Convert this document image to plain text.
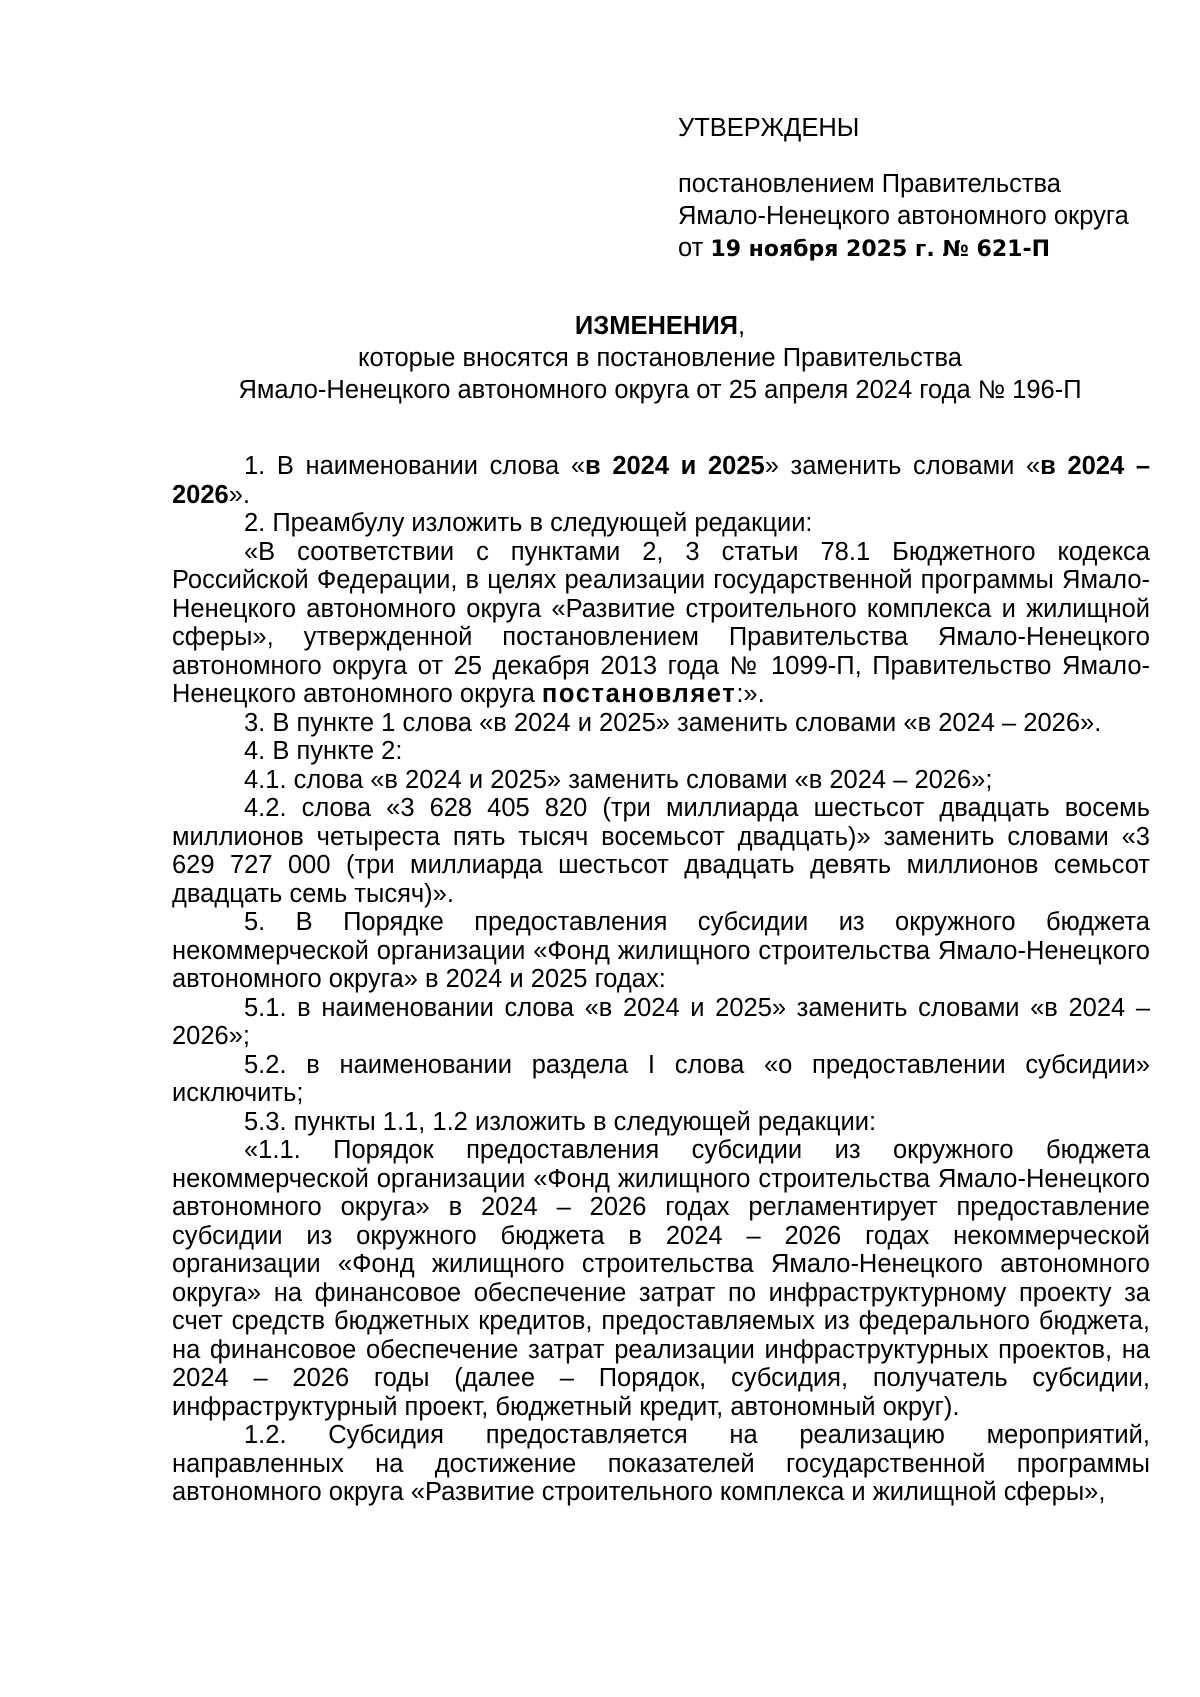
УТВЕРЖДЕНЫ

постановлением Правительства

Ямало-Ненецкого автономного округа

от 19 ноября 2025 г. № 621-П

ИЗМЕНЕНИЯ,

которые вносятся в постановление Правительства

Ямало-Ненецкого автономного округа от 25 апреля 2024 года № 196-П

1. В наименовании слова «в 2024 и 2025» заменить словами «в 2024 – 2026».

2. Преамбулу изложить в следующей редакции:

«В соответствии с пунктами 2, 3 статьи 78.1 Бюджетного кодекса Российской Федерации, в целях реализации государственной программы Ямало-Ненецкого автономного округа «Развитие строительного комплекса и жилищной сферы», утвержденной постановлением Правительства Ямало-Ненецкого автономного округа от 25 декабря 2013 года № 1099-П, Правительство Ямало-Ненецкого автономного округа постановляет:».

3. В пункте 1 слова «в 2024 и 2025» заменить словами «в 2024 – 2026».

4. В пункте 2:

4.1. слова «в 2024 и 2025» заменить словами «в 2024 – 2026»;

4.2. слова «3 628 405 820 (три миллиарда шестьсот двадцать восемь миллионов четыреста пять тысяч восемьсот двадцать)» заменить словами «3 629 727 000 (три миллиарда шестьсот двадцать девять миллионов семьсот двадцать семь тысяч)».

5. В Порядке предоставления субсидии из окружного бюджета некоммерческой организации «Фонд жилищного строительства Ямало-Ненецкого автономного округа» в 2024 и 2025 годах:

5.1. в наименовании слова «в 2024 и 2025» заменить словами «в 2024 – 2026»;

5.2. в наименовании раздела I слова «о предоставлении субсидии» исключить;

5.3. пункты 1.1, 1.2 изложить в следующей редакции:

«1.1. Порядок предоставления субсидии из окружного бюджета некоммерческой организации «Фонд жилищного строительства Ямало-Ненецкого автономного округа» в 2024 – 2026 годах регламентирует предоставление субсидии из окружного бюджета в 2024 – 2026 годах некоммерческой организации «Фонд жилищного строительства Ямало-Ненецкого автономного округа» на финансовое обеспечение затрат по инфраструктурному проекту за счет средств бюджетных кредитов, предоставляемых из федерального бюджета, на финансовое обеспечение затрат реализации инфраструктурных проектов, на 2024 – 2026 годы (далее – Порядок, субсидия, получатель субсидии, инфраструктурный проект, бюджетный кредит, автономный округ).

1.2. Субсидия предоставляется на реализацию мероприятий, направленных на достижение показателей государственной программы автономного округа «Развитие строительного комплекса и жилищной сферы»,
